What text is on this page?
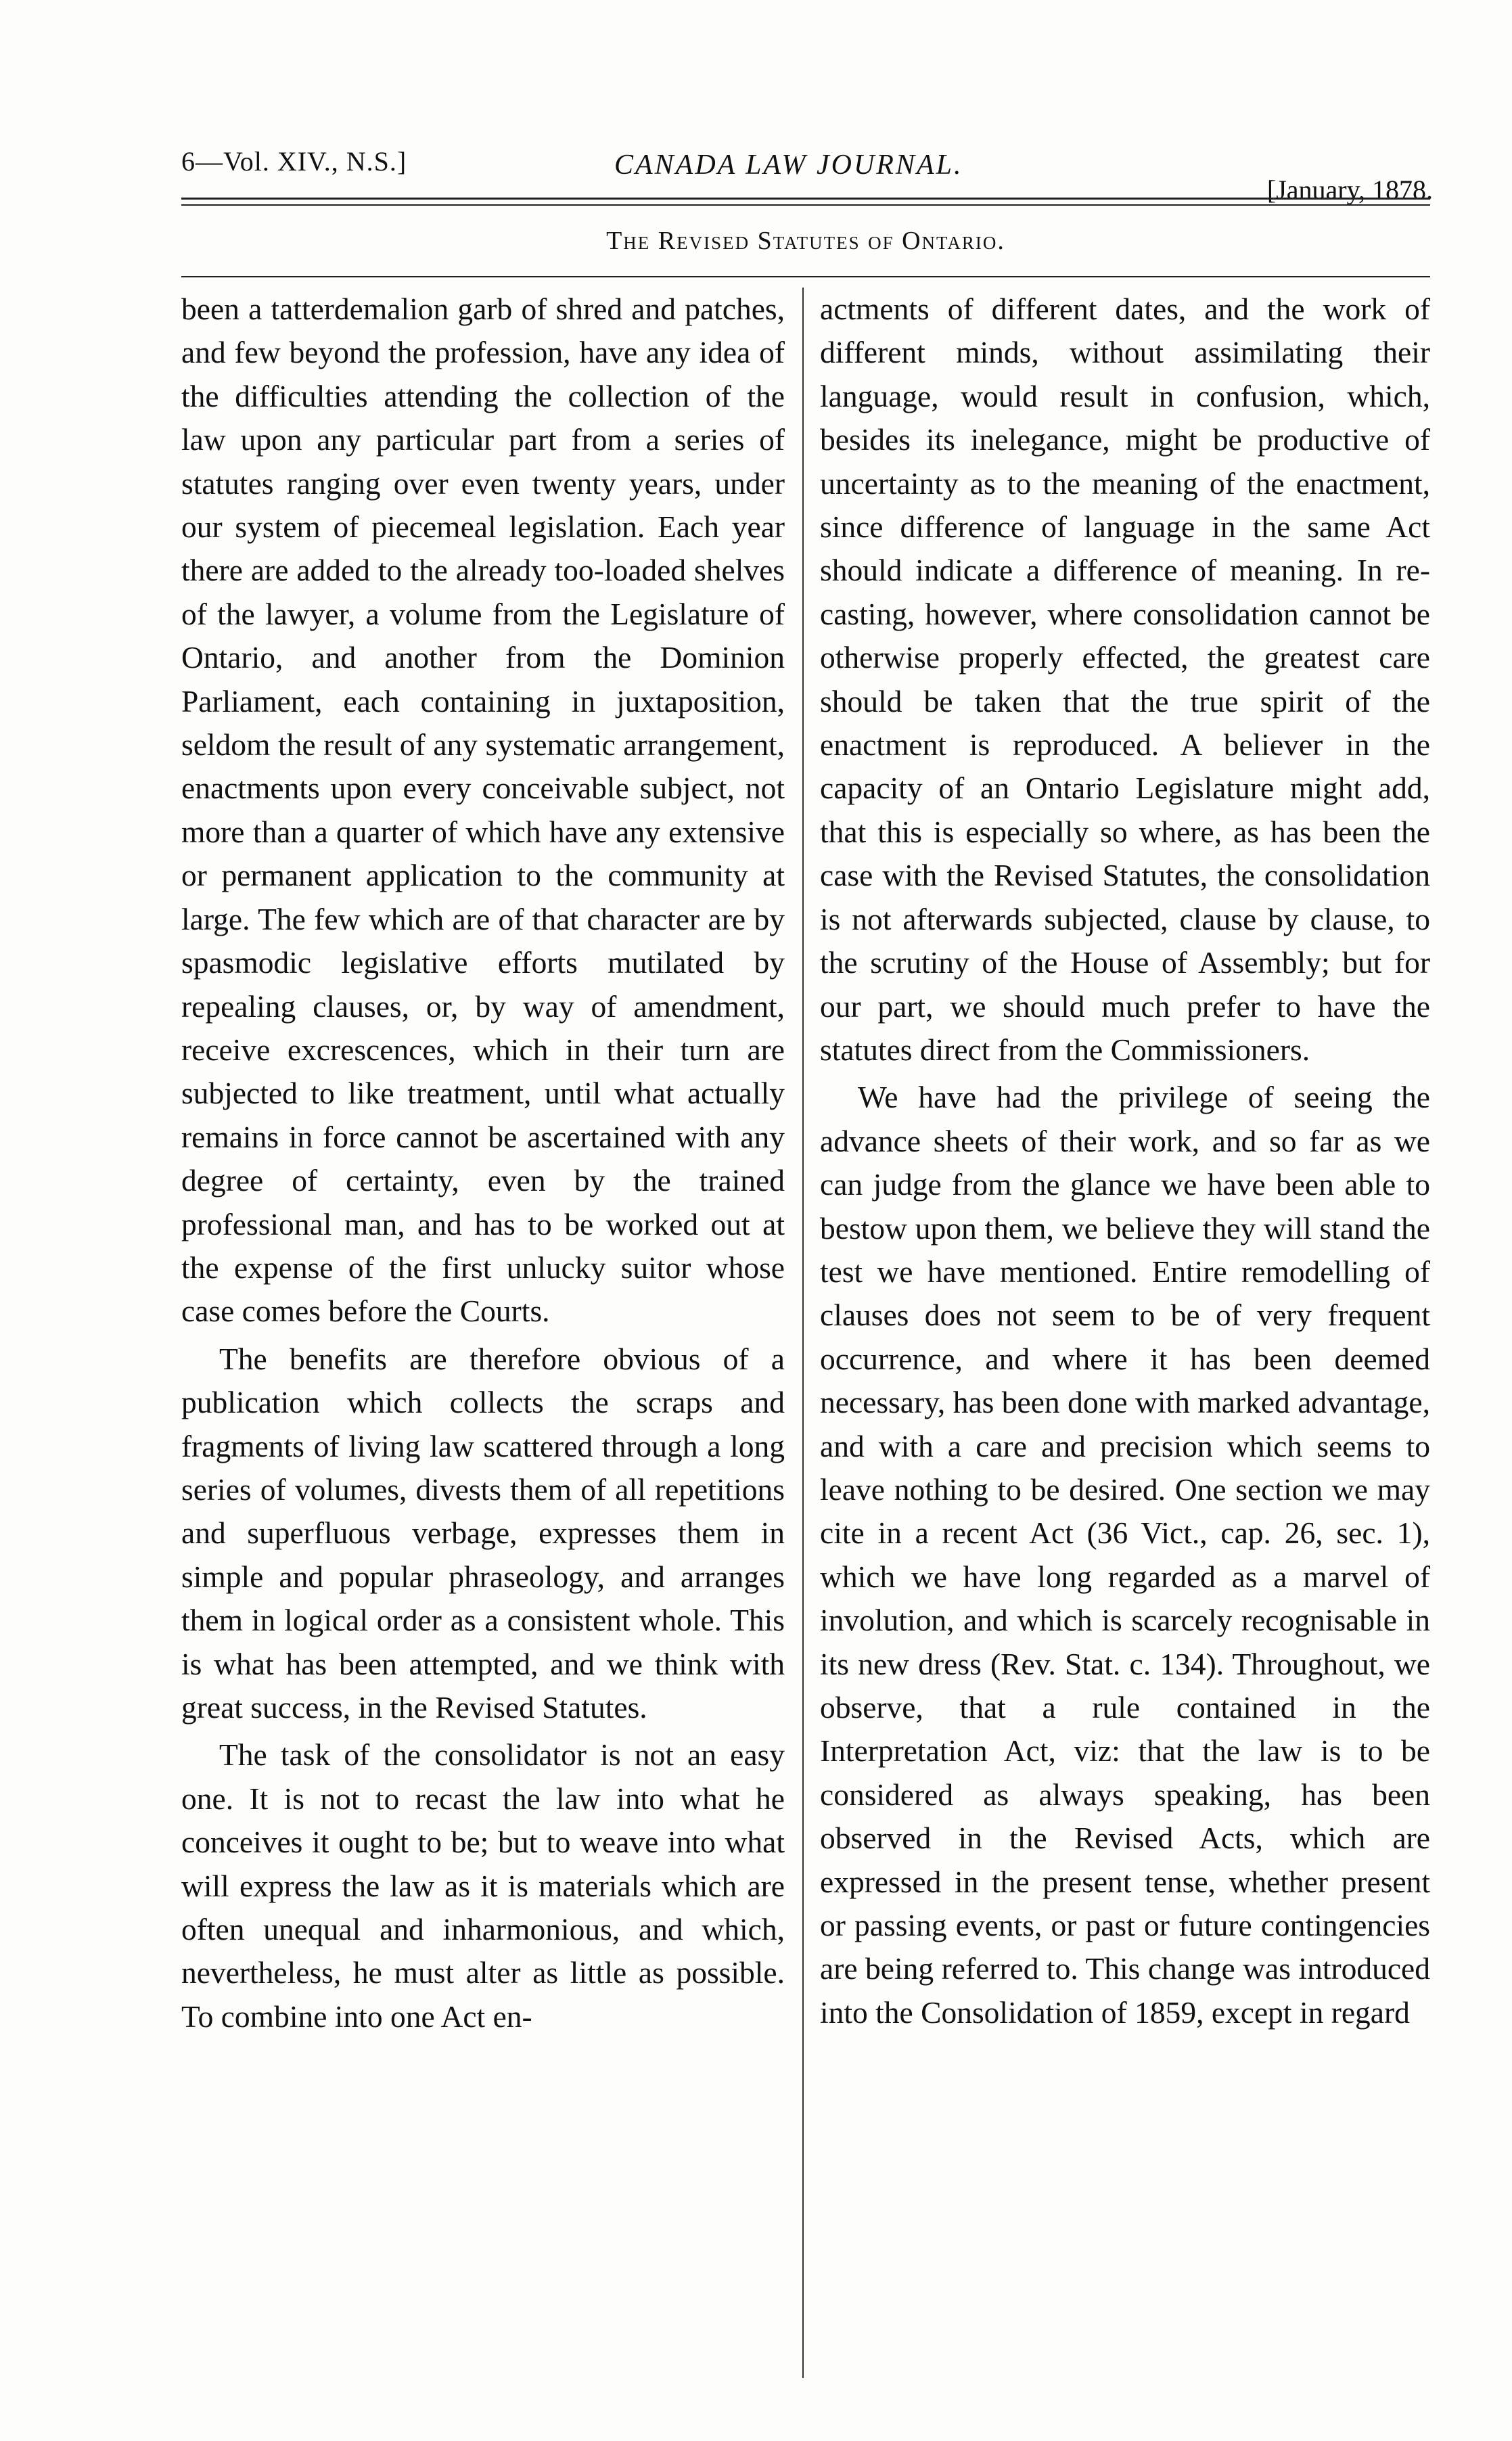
6—Vol. XIV., N.S.]	CANADA LAW JOURNAL.
[January, 1878.
The Revised Statutes of Ontario.

been a tatterdemalion garb of shred and patches, and few beyond the profession, have any idea of the difficulties attending the collection of the law upon any particular part from a series of statutes ranging over even twenty years, under our system of piecemeal legislation. Each year there are added to the already too-loaded shelves of the lawyer, a volume from the Legislature of Ontario, and another from the Dominion Parliament, each containing in juxtaposition, seldom the result of any systematic arrangement, enactments upon every conceivable subject, not more than a quarter of which have any extensive or permanent application to the community at large. The few which are of that character are by spasmodic legislative efforts mutilated by repealing clauses, or, by way of amendment, receive excrescences, which in their turn are subjected to like treatment, until what actually remains in force cannot be ascertained with any degree of certainty, even by the trained professional man, and has to be worked out at the expense of the first unlucky suitor whose case comes before the Courts.

The benefits are therefore obvious of a publication which collects the scraps and fragments of living law scattered through a long series of volumes, divests them of all repetitions and superfluous verbage, expresses them in simple and popular phraseology, and arranges them in logical order as a consistent whole. This is what has been attempted, and we think with great success, in the Revised Statutes.

The task of the consolidator is not an easy one. It is not to recast the law into what he conceives it ought to be; but to weave into what will express the law as it is materials which are often unequal and inharmonious, and which, nevertheless, he must alter as little as possible. To combine into one Act en-

actments of different dates, and the work of different minds, without assimilating their language, would result in confusion, which, besides its inelegance, might be productive of uncertainty as to the meaning of the enactment, since difference of language in the same Act should indicate a difference of meaning. In re-casting, however, where consolidation cannot be otherwise properly effected, the greatest care should be taken that the true spirit of the enactment is reproduced. A believer in the capacity of an Ontario Legislature might add, that this is especially so where, as has been the case with the Revised Statutes, the consolidation is not afterwards subjected, clause by clause, to the scrutiny of the House of Assembly; but for our part, we should much prefer to have the statutes direct from the Commissioners.

We have had the privilege of seeing the advance sheets of their work, and so far as we can judge from the glance we have been able to bestow upon them, we believe they will stand the test we have mentioned. Entire remodelling of clauses does not seem to be of very frequent occurrence, and where it has been deemed necessary, has been done with marked advantage, and with a care and precision which seems to leave nothing to be desired. One section we may cite in a recent Act (36 Vict., cap. 26, sec. 1), which we have long regarded as a marvel of involution, and which is scarcely recognisable in its new dress (Rev. Stat. c. 134). Throughout, we observe, that a rule contained in the Interpretation Act, viz: that the law is to be considered as always speaking, has been observed in the Revised Acts, which are expressed in the present tense, whether present or passing events, or past or future contingencies are being referred to. This change was introduced into the Consolidation of 1859, except in regard
